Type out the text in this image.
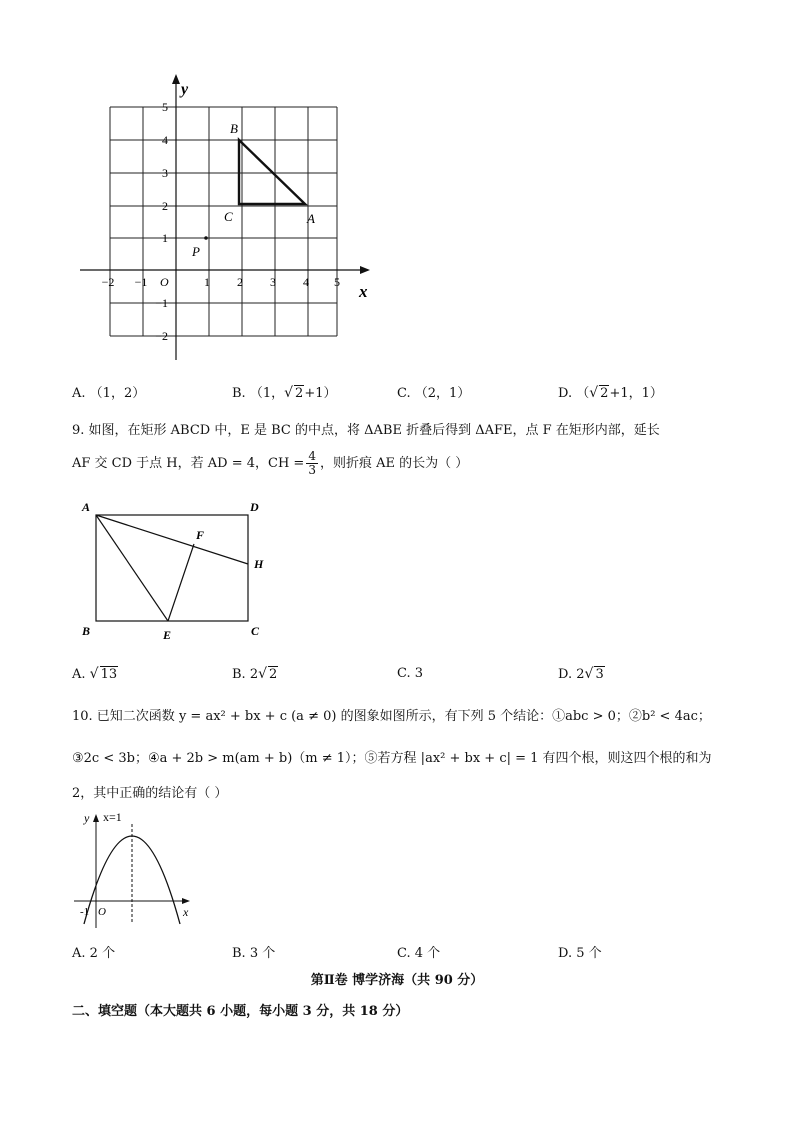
y
x
O
−2 −1	1 2 3 4 5
5
4
3
2
1
−1
−2
B
A
C
P
A. （1，2）	B. （1，√ 2+1）	C. （2，1）	D. （√ 2+1，1）
9. 如图，在矩形 ABCD 中，E 是 BC 的中点，将 ΔABE 折叠后得到 ΔAFE，点 F 在矩形内部，延长
AF 交 CD 于点 H，若 AD = 4，CH = $\frac{4}{3}$ ，则折痕 AE 的长为（ ）
A	D
F
H
B	E	C
A. √ 13	B. 2√ 2	C. 3	D. 2√ 3
10. 已知二次函数 y = ax² + bx + c (a ≠ 0) 的图象如图所示，有下列 5 个结论：①abc > 0；②b² < 4ac；
③2c < 3b；④a + 2b > m(am + b)（m ≠ 1）；⑤若方程 |ax² + bx + c| = 1 有四个根，则这四个根的和为
2，其中正确的结论有（ ）
x=1
y
x
-1 O
A. 2 个	B. 3 个	C. 4 个	D. 5 个
第Ⅱ卷 博学济海（共 90 分）
二、填空题（本大题共 6 小题，每小题 3 分，共 18 分）
